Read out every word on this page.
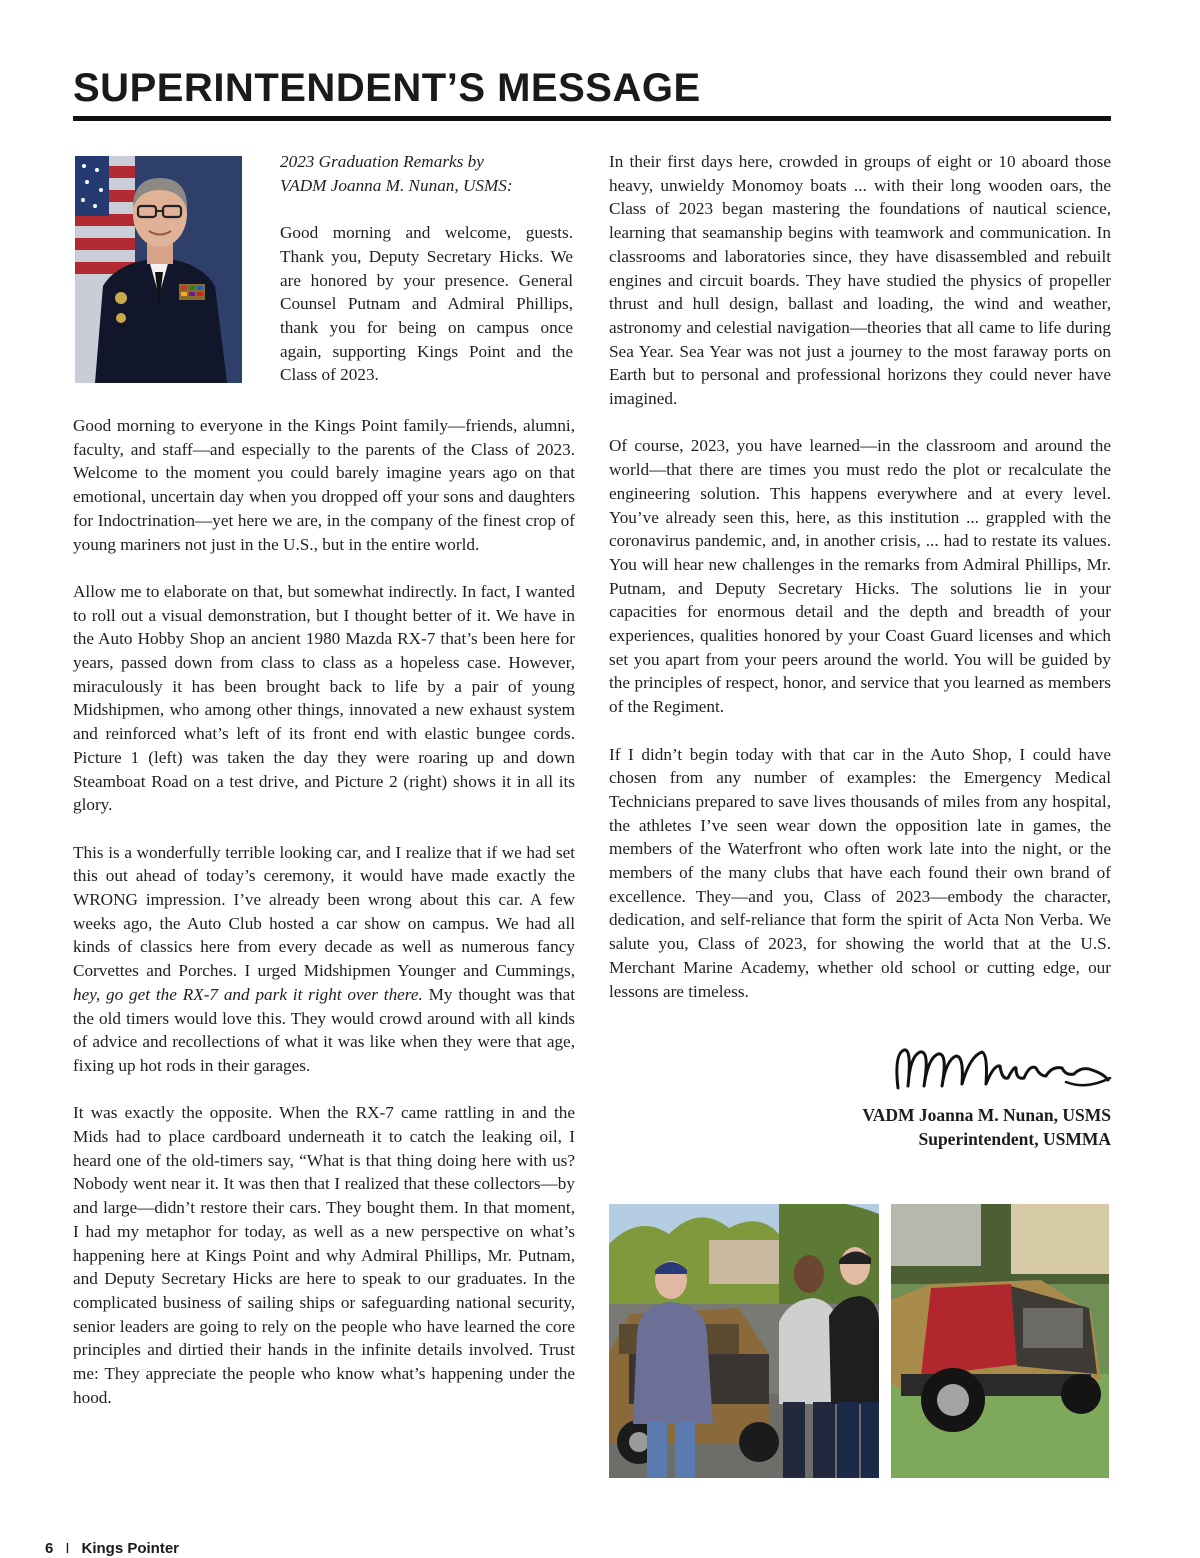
SUPERINTENDENT’S MESSAGE
2023 Graduation Remarks by
VADM Joanna M. Nunan, USMS:

Good morning and welcome, guests. Thank you, Deputy Secretary Hicks. We are honored by your presence. General Counsel Putnam and Admiral Phillips, thank you for being on campus once again, supporting Kings Point and the Class of 2023.

Good morning to everyone in the Kings Point family—friends, alumni, faculty, and staff—and especially to the parents of the Class of 2023. Welcome to the moment you could barely imagine years ago on that emotional, uncertain day when you dropped off your sons and daughters for Indoctrination—yet here we are, in the company of the finest crop of young mariners not just in the U.S., but in the entire world.

Allow me to elaborate on that, but somewhat indirectly. In fact, I wanted to roll out a visual demonstration, but I thought better of it. We have in the Auto Hobby Shop an ancient 1980 Mazda RX-7 that’s been here for years, passed down from class to class as a hopeless case. However, miraculously it has been brought back to life by a pair of young Midshipmen, who among other things, innovated a new exhaust system and reinforced what’s left of its front end with elastic bungee cords. Picture 1 (left) was taken the day they were roaring up and down Steamboat Road on a test drive, and Picture 2 (right) shows it in all its glory.

This is a wonderfully terrible looking car, and I realize that if we had set this out ahead of today’s ceremony, it would have made exactly the WRONG impression. I’ve already been wrong about this car. A few weeks ago, the Auto Club hosted a car show on campus. We had all kinds of classics here from every decade as well as numerous fancy Corvettes and Porches. I urged Midshipmen Younger and Cummings, hey, go get the RX-7 and park it right over there. My thought was that the old timers would love this. They would crowd around with all kinds of advice and recollections of what it was like when they were that age, fixing up hot rods in their garages.

It was exactly the opposite. When the RX-7 came rattling in and the Mids had to place cardboard underneath it to catch the leaking oil, I heard one of the old-timers say, “What is that thing doing here with us? Nobody went near it. It was then that I realized that these collectors—by and large—didn’t restore their cars. They bought them. In that moment, I had my metaphor for today, as well as a new perspective on what’s happening here at Kings Point and why Admiral Phillips, Mr. Putnam, and Deputy Secretary Hicks are here to speak to our graduates. In the complicated business of sailing ships or safeguarding national security, senior leaders are going to rely on the people who have learned the core principles and dirtied their hands in the infinite details involved. Trust me: They appreciate the people who know what’s happening under the hood.

In their first days here, crowded in groups of eight or 10 aboard those heavy, unwieldy Monomoy boats ... with their long wooden oars, the Class of 2023 began mastering the foundations of nautical science, learning that seamanship begins with teamwork and communication. In classrooms and laboratories since, they have disassembled and rebuilt engines and circuit boards. They have studied the physics of propeller thrust and hull design, ballast and loading, the wind and weather, astronomy and celestial navigation—theories that all came to life during Sea Year. Sea Year was not just a journey to the most faraway ports on Earth but to personal and professional horizons they could never have imagined.

Of course, 2023, you have learned—in the classroom and around the world—that there are times you must redo the plot or recalculate the engineering solution. This happens everywhere and at every level. You’ve already seen this, here, as this institution ... grappled with the coronavirus pandemic, and, in another crisis, ... had to restate its values. You will hear new challenges in the remarks from Admiral Phillips, Mr. Putnam, and Deputy Secretary Hicks. The solutions lie in your capacities for enormous detail and the depth and breadth of your experiences, qualities honored by your Coast Guard licenses and which set you apart from your peers around the world. You will be guided by the principles of respect, honor, and service that you learned as members of the Regiment.

If I didn’t begin today with that car in the Auto Shop, I could have chosen from any number of examples: the Emergency Medical Technicians prepared to save lives thousands of miles from any hospital, the athletes I’ve seen wear down the opposition late in games, the members of the Waterfront who often work late into the night, or the members of the many clubs that have each found their own brand of excellence. They—and you, Class of 2023—embody the character, dedication, and self-reliance that form the spirit of Acta Non Verba. We salute you, Class of 2023, for showing the world that at the U.S. Merchant Marine Academy, whether old school or cutting edge, our lessons are timeless.

VADM Joanna M. Nunan, USMS
Superintendent, USMMA
6 I Kings Pointer
